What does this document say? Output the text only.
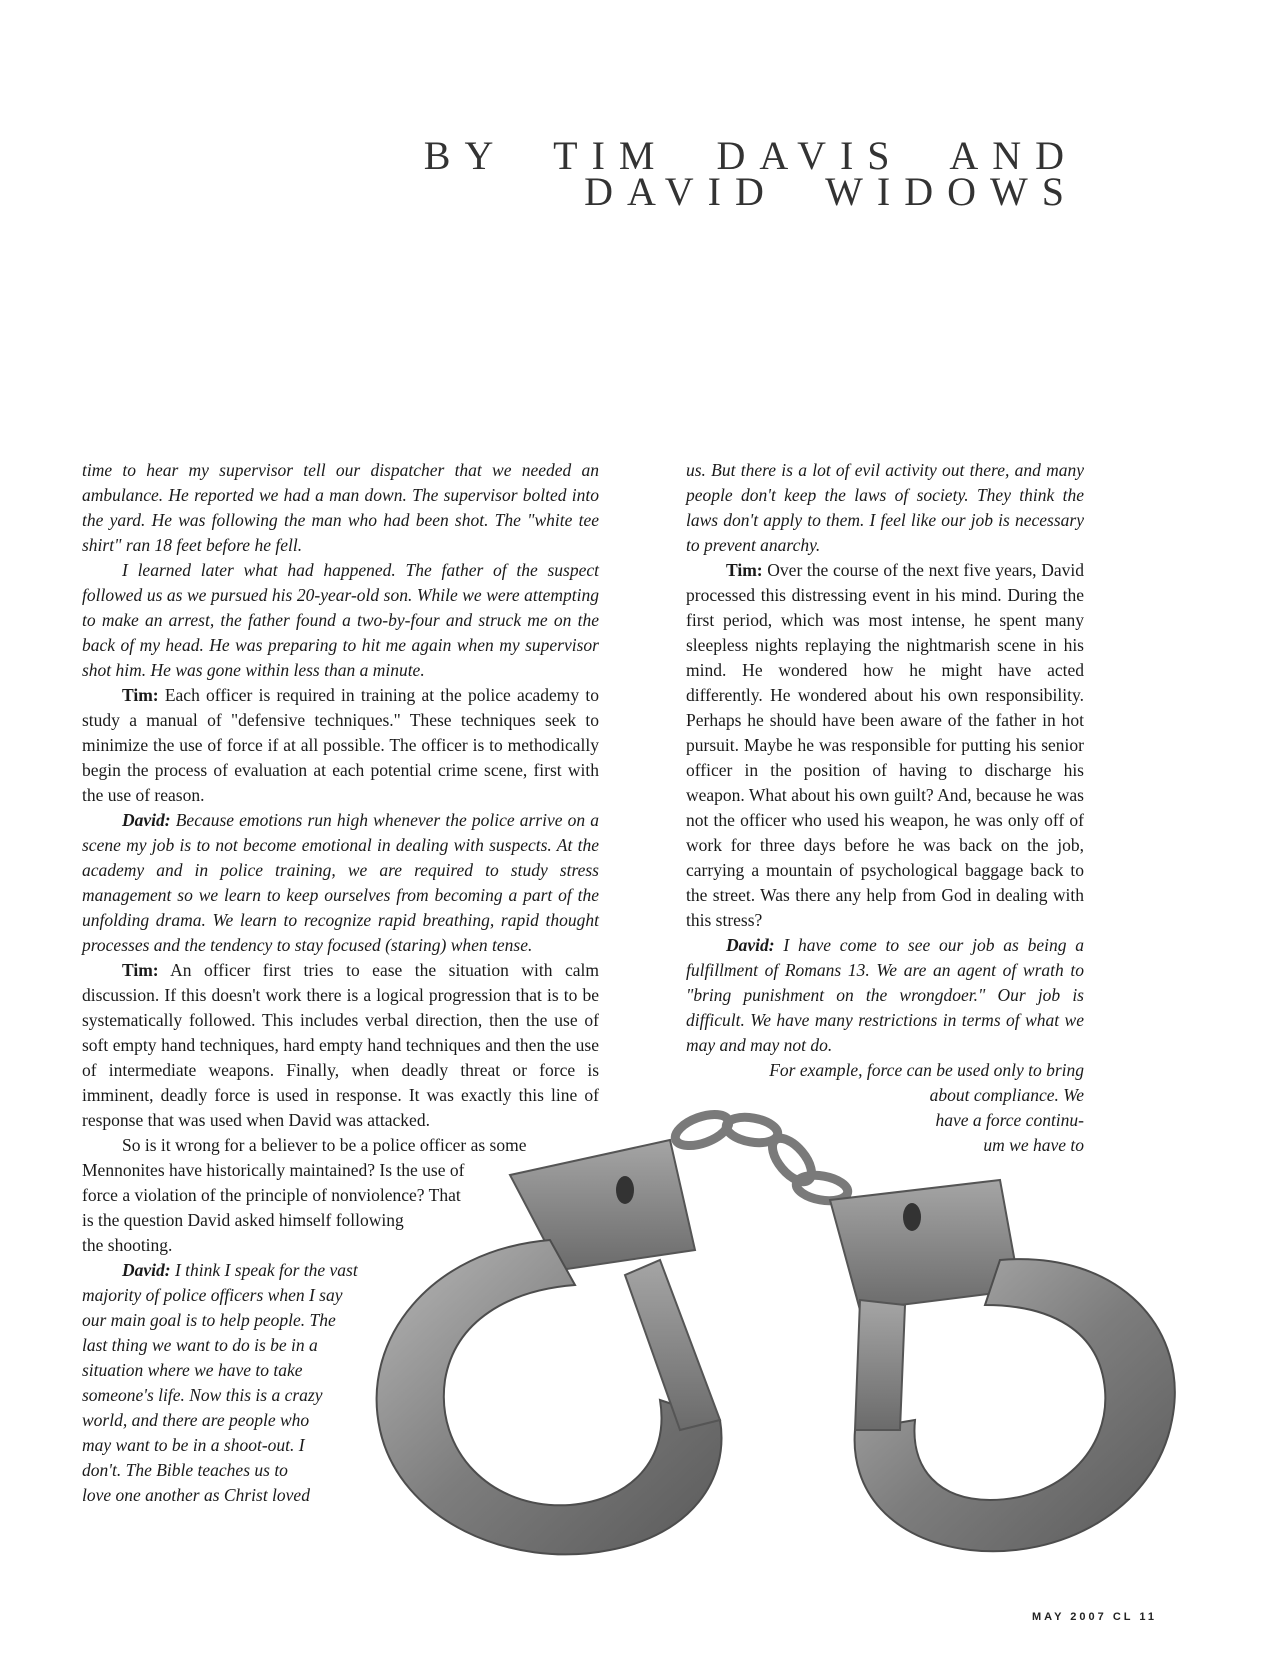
BY  TIM  DAVIS  AND
DAVID  WIDOWS

time to hear my supervisor tell our dispatcher that we needed an ambulance. He reported we had a man down. The supervisor bolted into the yard. He was following the man who had been shot. The "white tee shirt" ran 18 feet before he fell.

I learned later what had happened. The father of the suspect followed us as we pursued his 20-year-old son. While we were attempting to make an arrest, the father found a two-by-four and struck me on the back of my head. He was preparing to hit me again when my supervisor shot him. He was gone within less than a minute.

Tim: Each officer is required in training at the police academy to study a manual of "defensive techniques." These techniques seek to minimize the use of force if at all possible. The officer is to methodically begin the process of evaluation at each potential crime scene, first with the use of reason.

David: Because emotions run high whenever the police arrive on a scene my job is to not become emotional in dealing with suspects. At the academy and in police training, we are required to study stress management so we learn to keep ourselves from becoming a part of the unfolding drama. We learn to recognize rapid breathing, rapid thought processes and the tendency to stay focused (staring) when tense.

Tim: An officer first tries to ease the situation with calm discussion. If this doesn't work there is a logical progression that is to be systematically followed. This includes verbal direction, then the use of soft empty hand techniques, hard empty hand techniques and then the use of intermediate weapons. Finally, when deadly threat or force is imminent, deadly force is used in response. It was exactly this line of response that was used when David was attacked.

So is it wrong for a believer to be a police officer as some
Mennonites have historically maintained? Is the use of
force a violation of the principle of nonviolence? That
is the question David asked himself following
the shooting.

David: I think I speak for the vast
majority of police officers when I say
our main goal is to help people. The
last thing we want to do is be in a
situation where we have to take
someone's life. Now this is a crazy
world, and there are people who
may want to be in a shoot-out. I
don't. The Bible teaches us to
love one another as Christ loved

us. But there is a lot of evil activity out there, and many people don't keep the laws of society. They think the laws don't apply to them. I feel like our job is necessary to prevent anarchy.

Tim: Over the course of the next five years, David processed this distressing event in his mind. During the first period, which was most intense, he spent many sleepless nights replaying the nightmarish scene in his mind. He wondered how he might have acted differently. He wondered about his own responsibility. Perhaps he should have been aware of the father in hot pursuit. Maybe he was responsible for putting his senior officer in the position of having to discharge his weapon. What about his own guilt? And, because he was not the officer who used his weapon, he was only off of work for three days before he was back on the job, carrying a mountain of psychological baggage back to the street. Was there any help from God in dealing with this stress?

David: I have come to see our job as being a fulfillment of Romans 13. We are an agent of wrath to "bring punishment on the wrongdoer." Our job is difficult. We have many restrictions in terms of what we may and may not do.

For example, force can be used only to bring
about compliance. We
have a force continu-
um we have to

MAY 2007 CL 11
